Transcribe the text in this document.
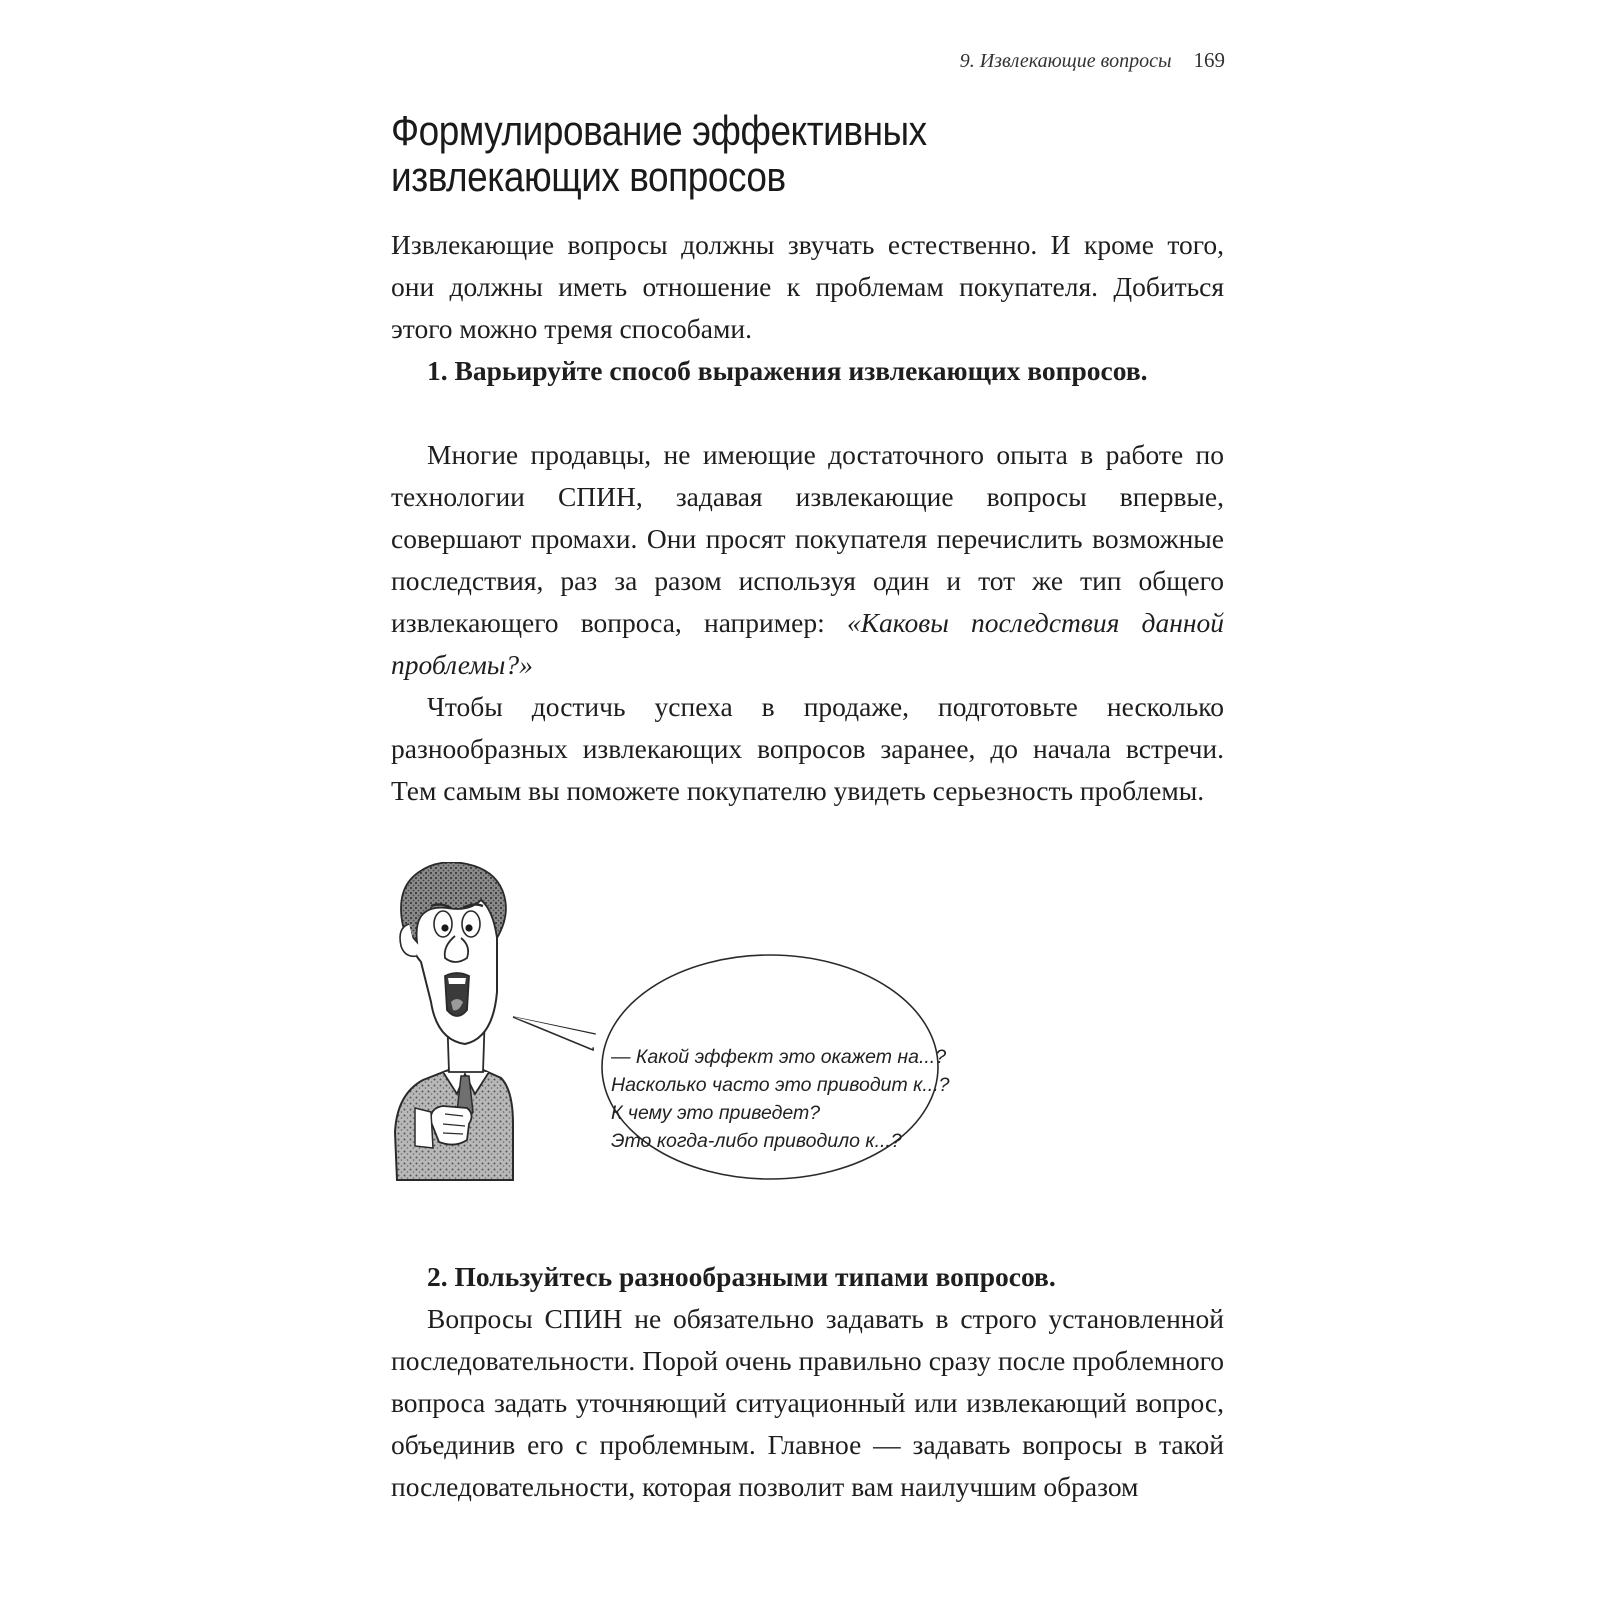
9. Извлекающие вопросы 169
Формулирование эффективных
извлекающих вопросов

Извлекающие вопросы должны звучать естественно. И кроме того, они должны иметь отношение к проблемам покупателя. Добиться этого можно тремя способами.

1. Варьируйте способ выражения извлекающих вопросов.

Многие продавцы, не имеющие достаточного опыта в работе по технологии СПИН, задавая извлекающие вопросы впервые, совершают промахи. Они просят покупателя перечислить возможные последствия, раз за разом используя один и тот же тип общего извлекающего вопроса, например: «Каковы последствия данной проблемы?»

Чтобы достичь успеха в продаже, подготовьте несколько разнообразных извлекающих вопросов заранее, до начала встречи. Тем самым вы поможете покупателю увидеть серьезность проблемы.

— Какой эффект это окажет на...?
Насколько часто это приводит к...?
К чему это приведет?
Это когда-либо приводило к...?

2. Пользуйтесь разнообразными типами вопросов.

Вопросы СПИН не обязательно задавать в строго установленной последовательности. Порой очень правильно сразу после проблемного вопроса задать уточняющий ситуационный или извлекающий вопрос, объединив его с проблемным. Главное — задавать вопросы в такой последовательности, которая позволит вам наилучшим образом
